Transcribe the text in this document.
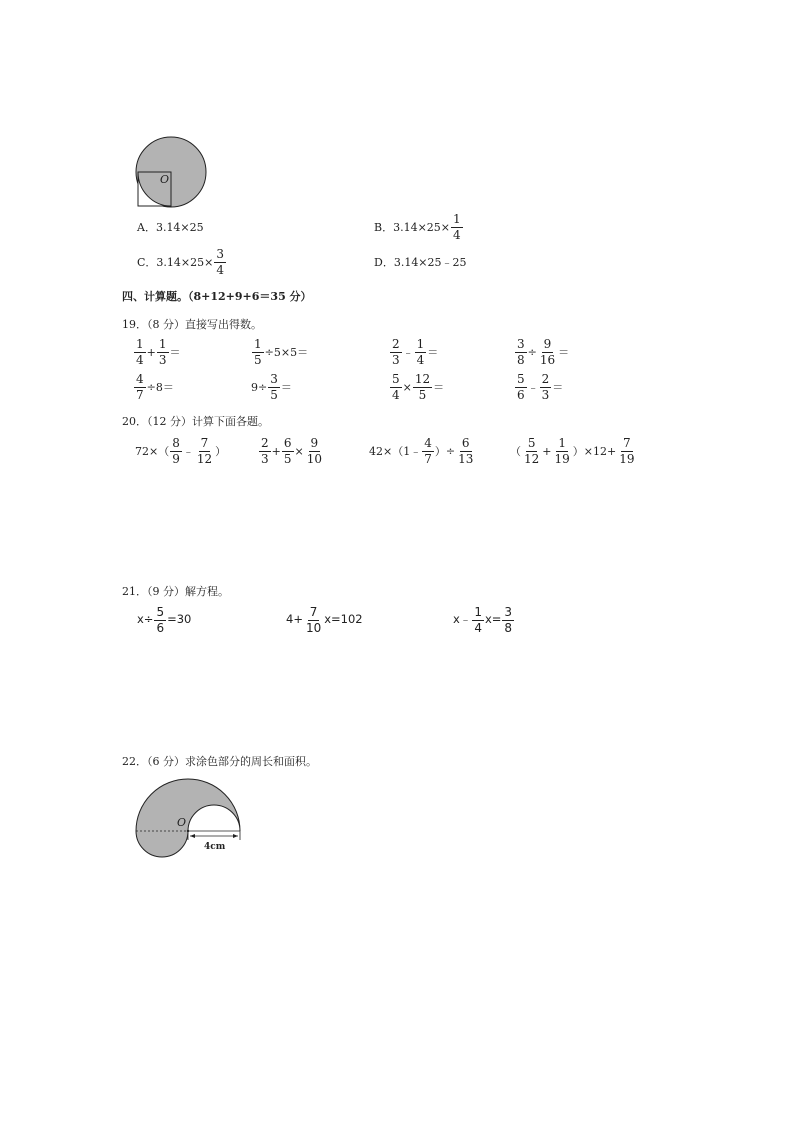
O
A．3.14×25	B．$3.14\times 25\times \frac{1}{4}$
C．$3.14\times 25\times \frac{3}{4}$	D．3.14×25﹣25
四、计算题。（8+12+9+6＝35 分）
19．（8 分）直接写出得数。
$\frac{1}{4} + \frac{1}{3}$ ＝	$\frac{1}{5} \div 5\times 5=$	$\frac{2}{3}$ ﹣ $\frac{1}{4}$ ＝	$\frac{3}{8} \div \frac{9}{16}$ ＝
$\frac{4}{7} \div 8=$	$9\div \frac{3}{5}$ ＝	$\frac{5}{4} \times \frac{12}{5}$ ＝	$\frac{5}{6}$ ﹣ $\frac{2}{3}$ ＝
20．（12 分）计算下面各题。
$72\times( \frac{8}{9}$ ﹣ $\frac{7}{12}$ ）	$\frac{2}{3} + \frac{6}{5} \times \frac{9}{10}$	42×（1﹣ $\frac{4}{7}$ ）÷ $\frac{6}{13}$	（ $\frac{5}{12} + \frac{1}{19} )\times 12+ \frac{7}{19}$
21．（9 分）解方程。
$x\div \frac{5}{6} =30$	$4+ \frac{7}{10} x=102$	x﹣ $\frac{1}{4} x= \frac{3}{8}$
22．（6 分）求涂色部分的周长和面积。
O
4cm
